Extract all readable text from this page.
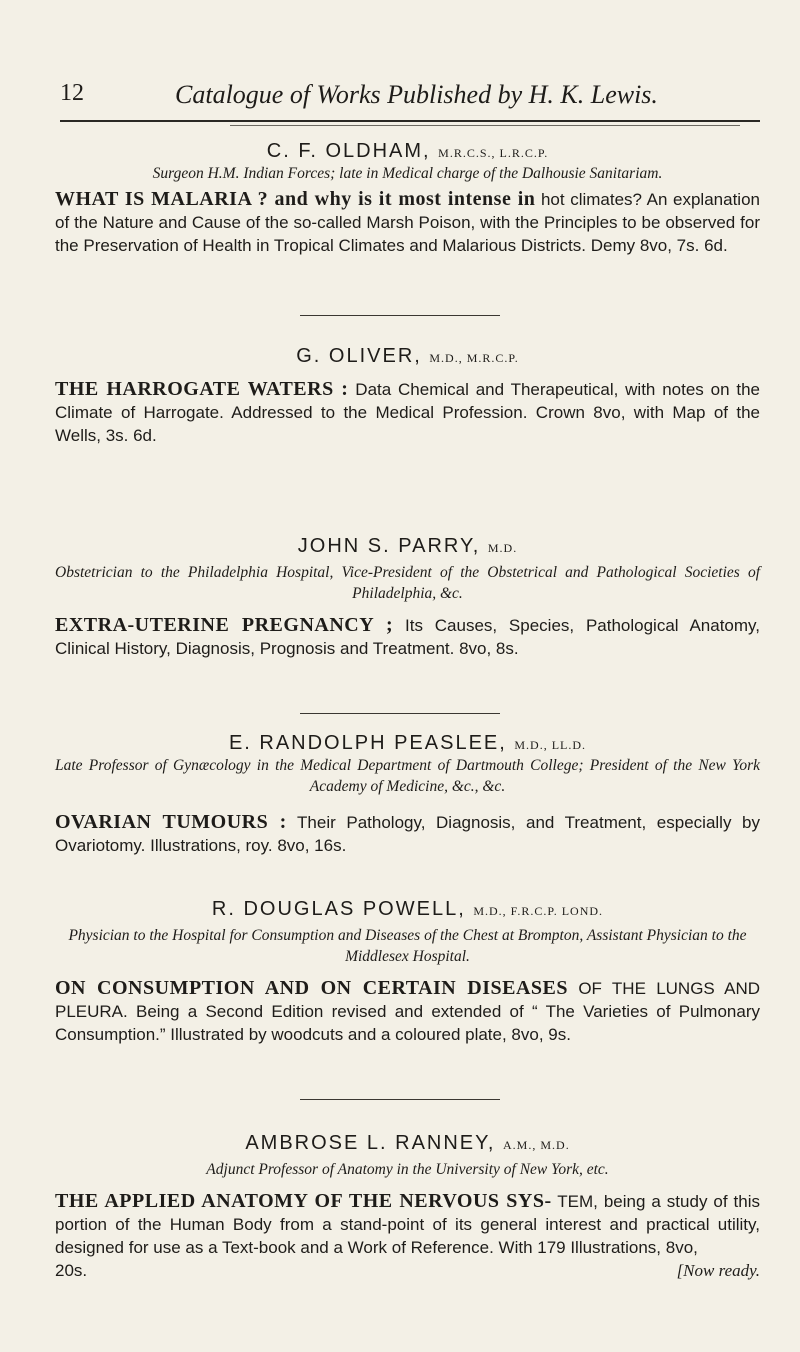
12	Catalogue of Works Published by H. K. Lewis.
C. F. OLDHAM, M.R.C.S., L.R.C.P.
Surgeon H.M. Indian Forces; late in Medical charge of the Dalhousie Sanitariam.

WHAT IS MALARIA ? and why is it most intense in hot climates? An explanation of the Nature and Cause of the so-called Marsh Poison, with the Principles to be observed for the Preservation of Health in Tropical Climates and Malarious Districts. Demy 8vo, 7s. 6d.

G. OLIVER, M.D., M.R.C.P.

THE HARROGATE WATERS : Data Chemical and Therapeutical, with notes on the Climate of Harrogate. Addressed to the Medical Profession. Crown 8vo, with Map of the Wells, 3s. 6d.

JOHN S. PARRY, M.D.
Obstetrician to the Philadelphia Hospital, Vice-President of the Obstetrical and Pathological Societies of Philadelphia, &c.

EXTRA-UTERINE PREGNANCY ; Its Causes, Species, Pathological Anatomy, Clinical History, Diagnosis, Prognosis and Treatment. 8vo, 8s.

E. RANDOLPH PEASLEE, M.D., LL.D.
Late Professor of Gynæcology in the Medical Department of Dartmouth College; President of the New York Academy of Medicine, &c., &c.

OVARIAN TUMOURS : Their Pathology, Diagnosis, and Treatment, especially by Ovariotomy. Illustrations, roy. 8vo, 16s.

R. DOUGLAS POWELL, M.D., F.R.C.P. LOND.
Physician to the Hospital for Consumption and Diseases of the Chest at Brompton, Assistant Physician to the Middlesex Hospital.

ON CONSUMPTION AND ON CERTAIN DISEASES OF THE LUNGS AND PLEURA. Being a Second Edition revised and extended of “ The Varieties of Pulmonary Consumption.” Illustrated by woodcuts and a coloured plate, 8vo, 9s.

AMBROSE L. RANNEY, A.M., M.D.
Adjunct Professor of Anatomy in the University of New York, etc.

THE APPLIED ANATOMY OF THE NERVOUS SYS- TEM, being a study of this portion of the Human Body from a stand-point of its general interest and practical utility, designed for use as a Text-book and a Work of Reference. With 179 Illustrations, 8vo,

20s.	[Now ready.
